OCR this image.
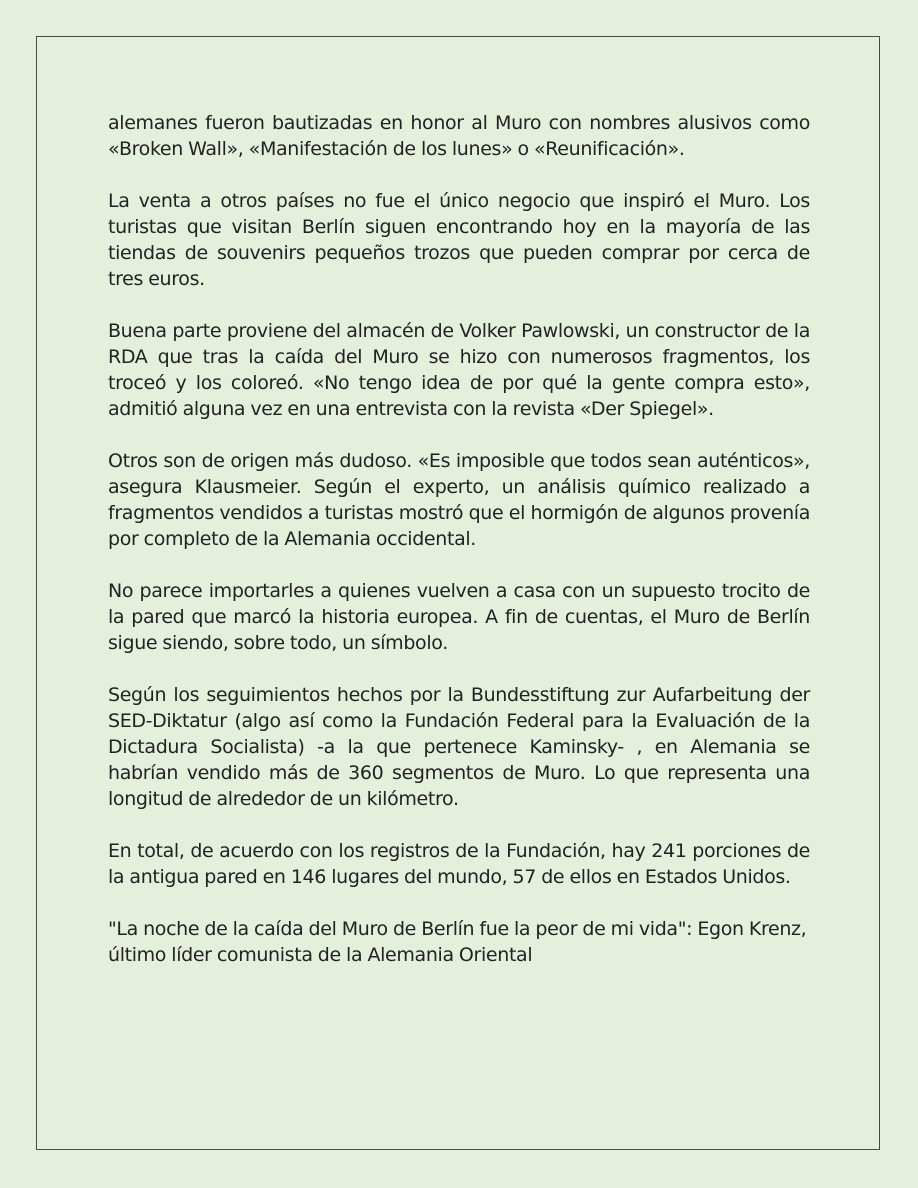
alemanes fueron bautizadas en honor al Muro con nombres alusivos como «Broken Wall», «Manifestación de los lunes» o «Reunificación».

La venta a otros países no fue el único negocio que inspiró el Muro. Los turistas que visitan Berlín siguen encontrando hoy en la mayoría de las tiendas de souvenirs pequeños trozos que pueden comprar por cerca de tres euros.

Buena parte proviene del almacén de Volker Pawlowski, un constructor de la RDA que tras la caída del Muro se hizo con numerosos fragmentos, los troceó y los coloreó. «No tengo idea de por qué la gente compra esto», admitió alguna vez en una entrevista con la revista «Der Spiegel».

Otros son de origen más dudoso. «Es imposible que todos sean auténticos», asegura Klausmeier. Según el experto, un análisis químico realizado a fragmentos vendidos a turistas mostró que el hormigón de algunos provenía por completo de la Alemania occidental.

No parece importarles a quienes vuelven a casa con un supuesto trocito de la pared que marcó la historia europea. A fin de cuentas, el Muro de Berlín sigue siendo, sobre todo, un símbolo.

Según los seguimientos hechos por la Bundesstiftung zur Aufarbeitung der SED-Diktatur (algo así como la Fundación Federal para la Evaluación de la Dictadura Socialista) -a la que pertenece Kaminsky- , en Alemania se habrían vendido más de 360 segmentos de Muro. Lo que representa una longitud de alrededor de un kilómetro.

En total, de acuerdo con los registros de la Fundación, hay 241 porciones de la antigua pared en 146 lugares del mundo, 57 de ellos en Estados Unidos.

"La noche de la caída del Muro de Berlín fue la peor de mi vida": Egon Krenz, último líder comunista de la Alemania Oriental
